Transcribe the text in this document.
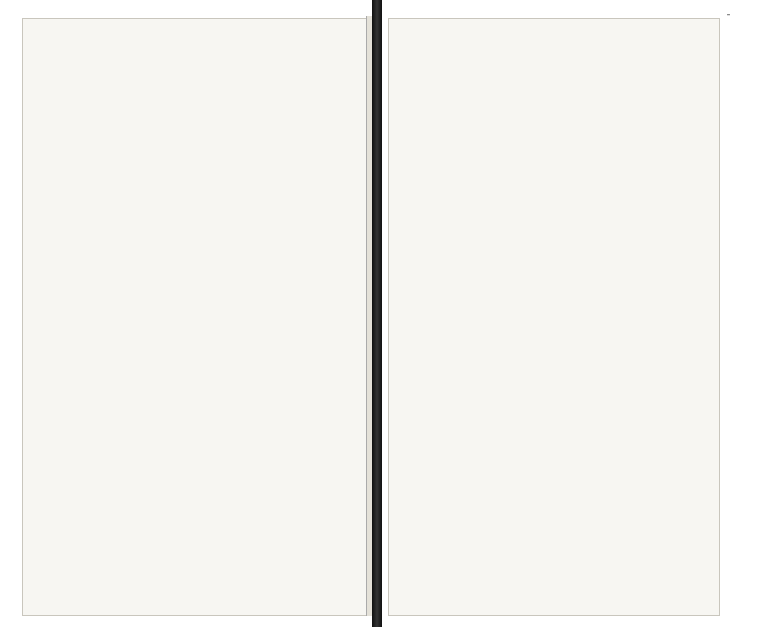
ˉ
